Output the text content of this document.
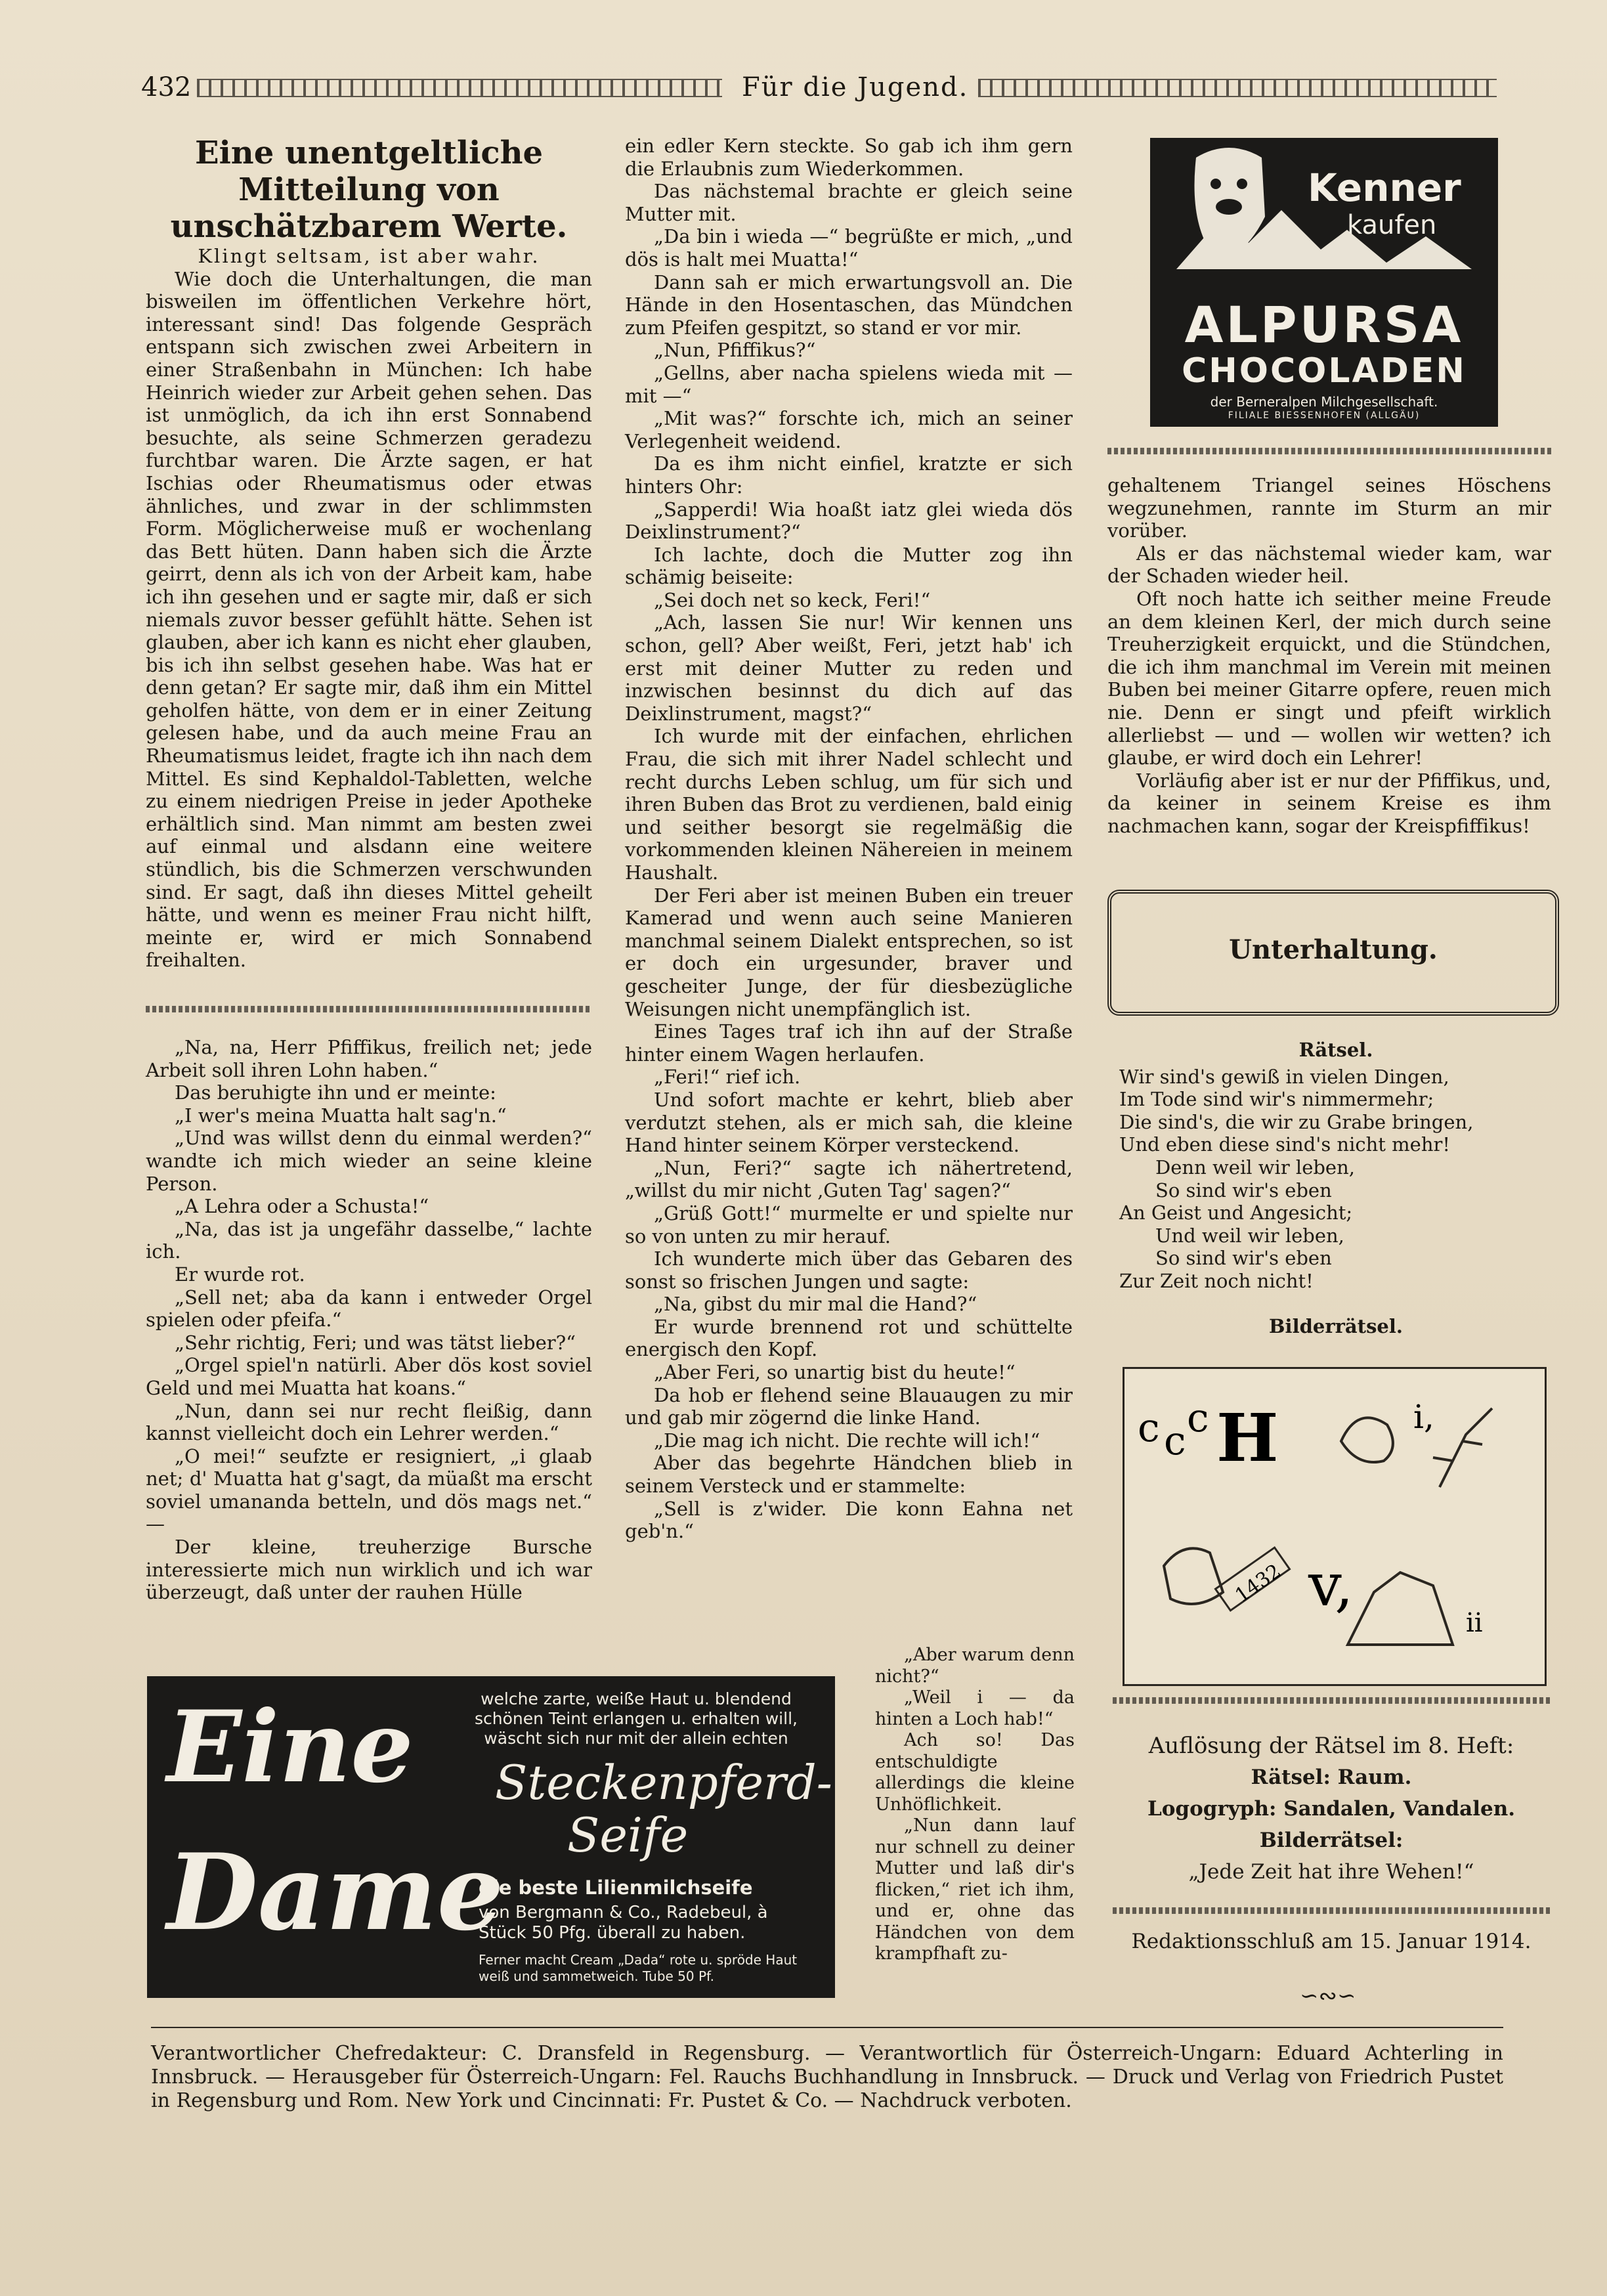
432	Für die Jugend.
Eine unentgeltliche Mitteilung von unschätzbarem Werte.
Klingt seltsam, ist aber wahr.

Wie doch die Unterhaltungen, die man bisweilen im öffentlichen Verkehre hört, interessant sind! Das folgende Gespräch entspann sich zwischen zwei Arbeitern in einer Straßenbahn in München: Ich habe Heinrich wieder zur Arbeit gehen sehen. Das ist unmöglich, da ich ihn erst Sonnabend besuchte, als seine Schmerzen geradezu furchtbar waren. Die Ärzte sagen, er hat Ischias oder Rheumatismus oder etwas ähnliches, und zwar in der schlimmsten Form. Möglicherweise muß er wochenlang das Bett hüten. Dann haben sich die Ärzte geirrt, denn als ich von der Arbeit kam, habe ich ihn gesehen und er sagte mir, daß er sich niemals zuvor besser gefühlt hätte. Sehen ist glauben, aber ich kann es nicht eher glauben, bis ich ihn selbst gesehen habe. Was hat er denn getan? Er sagte mir, daß ihm ein Mittel geholfen hätte, von dem er in einer Zeitung gelesen habe, und da auch meine Frau an Rheumatismus leidet, fragte ich ihn nach dem Mittel. Es sind Kephaldol-Tabletten, welche zu einem niedrigen Preise in jeder Apotheke erhältlich sind. Man nimmt am besten zwei auf einmal und alsdann eine weitere stündlich, bis die Schmerzen verschwunden sind. Er sagt, daß ihn dieses Mittel geheilt hätte, und wenn es meiner Frau nicht hilft, meinte er, wird er mich Sonnabend freihalten.

„Na, na, Herr Pfiffikus, freilich net; jede Arbeit soll ihren Lohn haben.“

Das beruhigte ihn und er meinte:

„I wer's meina Muatta halt sag'n.“

„Und was willst denn du einmal werden?“ wandte ich mich wieder an seine kleine Person.

„A Lehra oder a Schusta!“

„Na, das ist ja ungefähr dasselbe,“ lachte ich.

Er wurde rot.

„Sell net; aba da kann i entweder Orgel spielen oder pfeifa.“

„Sehr richtig, Feri; und was tätst lieber?“

„Orgel spiel'n natürli. Aber dös kost soviel Geld und mei Muatta hat koans.“

„Nun, dann sei nur recht fleißig, dann kannst vielleicht doch ein Lehrer werden.“

„O mei!“ seufzte er resigniert, „i glaab net; d' Muatta hat g'sagt, da müaßt ma erscht soviel umananda betteln, und dös mags net.“ —

Der kleine, treuherzige Bursche interessierte mich nun wirklich und ich war überzeugt, daß unter der rauhen Hülle

ein edler Kern steckte. So gab ich ihm gern die Erlaubnis zum Wiederkommen.

Das nächstemal brachte er gleich seine Mutter mit.

„Da bin i wieda —“ begrüßte er mich, „und dös is halt mei Muatta!“

Dann sah er mich erwartungsvoll an. Die Hände in den Hosentaschen, das Mündchen zum Pfeifen gespitzt, so stand er vor mir.

„Nun, Pfiffikus?“

„Gellns, aber nacha spielens wieda mit — mit —“

„Mit was?“ forschte ich, mich an seiner Verlegenheit weidend.

Da es ihm nicht einfiel, kratzte er sich hinters Ohr:

„Sapperdi! Wia hoaßt iatz glei wieda dös Deixlinstrument?“

Ich lachte, doch die Mutter zog ihn schämig beiseite:

„Sei doch net so keck, Feri!“

„Ach, lassen Sie nur! Wir kennen uns schon, gell? Aber weißt, Feri, jetzt hab' ich erst mit deiner Mutter zu reden und inzwischen besinnst du dich auf das Deixlinstrument, magst?“

Ich wurde mit der einfachen, ehrlichen Frau, die sich mit ihrer Nadel schlecht und recht durchs Leben schlug, um für sich und ihren Buben das Brot zu verdienen, bald einig und seither besorgt sie regelmäßig die vorkommenden kleinen Nähereien in meinem Haushalt.

Der Feri aber ist meinen Buben ein treuer Kamerad und wenn auch seine Manieren manchmal seinem Dialekt entsprechen, so ist er doch ein urgesunder, braver und gescheiter Junge, der für diesbezügliche Weisungen nicht unempfänglich ist.

Eines Tages traf ich ihn auf der Straße hinter einem Wagen herlaufen.

„Feri!“ rief ich.

Und sofort machte er kehrt, blieb aber verdutzt stehen, als er mich sah, die kleine Hand hinter seinem Körper versteckend.

„Nun, Feri?“ sagte ich nähertretend, „willst du mir nicht ‚Guten Tag' sagen?“

„Grüß Gott!“ murmelte er und spielte nur so von unten zu mir herauf.

Ich wunderte mich über das Gebaren des sonst so frischen Jungen und sagte:

„Na, gibst du mir mal die Hand?“

Er wurde brennend rot und schüttelte energisch den Kopf.

„Aber Feri, so unartig bist du heute!“

Da hob er flehend seine Blauaugen zu mir und gab mir zögernd die linke Hand.

„Die mag ich nicht. Die rechte will ich!“

Aber das begehrte Händchen blieb in seinem Versteck und er stammelte:

„Sell is z'wider. Die konn Eahna net geb'n.“

„Aber warum denn nicht?“

„Weil i — da hinten a Loch hab!“

Ach so! Das entschuldigte allerdings die kleine Unhöflichkeit.

„Nun dann lauf nur schnell zu deiner Mutter und laß dir's flicken,“ riet ich ihm, und er, ohne das Händchen von dem krampfhaft zu-

Kenner
kaufen
ALPURSA
CHOCOLADEN
der Berneralpen Milchgesellschaft.
FILIALE BIESSENHOFEN (ALLGÄU)

gehaltenem Triangel seines Höschens wegzunehmen, rannte im Sturm an mir vorüber.

Als er das nächstemal wieder kam, war der Schaden wieder heil.

Oft noch hatte ich seither meine Freude an dem kleinen Kerl, der mich durch seine Treuherzigkeit erquickt, und die Stündchen, die ich ihm manchmal im Verein mit meinen Buben bei meiner Gitarre opfere, reuen mich nie. Denn er singt und pfeift wirklich allerliebst — und — wollen wir wetten? ich glaube, er wird doch ein Lehrer!

Vorläufig aber ist er nur der Pfiffikus, und, da keiner in seinem Kreise es ihm nachmachen kann, sogar der Kreispfiffikus!

Unterhaltung.

Rätsel.

Wir sind's gewiß in vielen Dingen,

Im Tode sind wir's nimmermehr;

Die sind's, die wir zu Grabe bringen,

Und eben diese sind's nicht mehr!

Denn weil wir leben,

So sind wir's eben

An Geist und Angesicht;

Und weil wir leben,

So sind wir's eben

Zur Zeit noch nicht!

Bilderrätsel.

c c c H	i,
1432 v,
ii

Auflösung der Rätsel im 8. Heft:

Rätsel: Raum.

Logogryph: Sandalen, Vandalen.

Bilderrätsel:

„Jede Zeit hat ihre Wehen!“

Redaktionsschluß am 15. Januar 1914.
∽∾∽
Eine
Dame
welche zarte, weiße Haut u. blendend schönen Teint erlangen u. erhalten will, wäscht sich nur mit der allein echten
Steckenpferd-
Seife
die beste Lilienmilchseife
von Bergmann & Co., Radebeul, à Stück 50 Pfg. überall zu haben.
Ferner macht Cream „Dada“ rote u. spröde Haut weiß und sammetweich. Tube 50 Pf.
Verantwortlicher Chefredakteur: C. Dransfeld in Regensburg. — Verantwortlich für Österreich-Ungarn: Eduard Achterling in Innsbruck. — Herausgeber für Österreich-Ungarn: Fel. Rauchs Buchhandlung in Innsbruck. — Druck und Verlag von Friedrich Pustet in Regensburg und Rom. New York und Cincinnati: Fr. Pustet & Co. — Nachdruck verboten.
